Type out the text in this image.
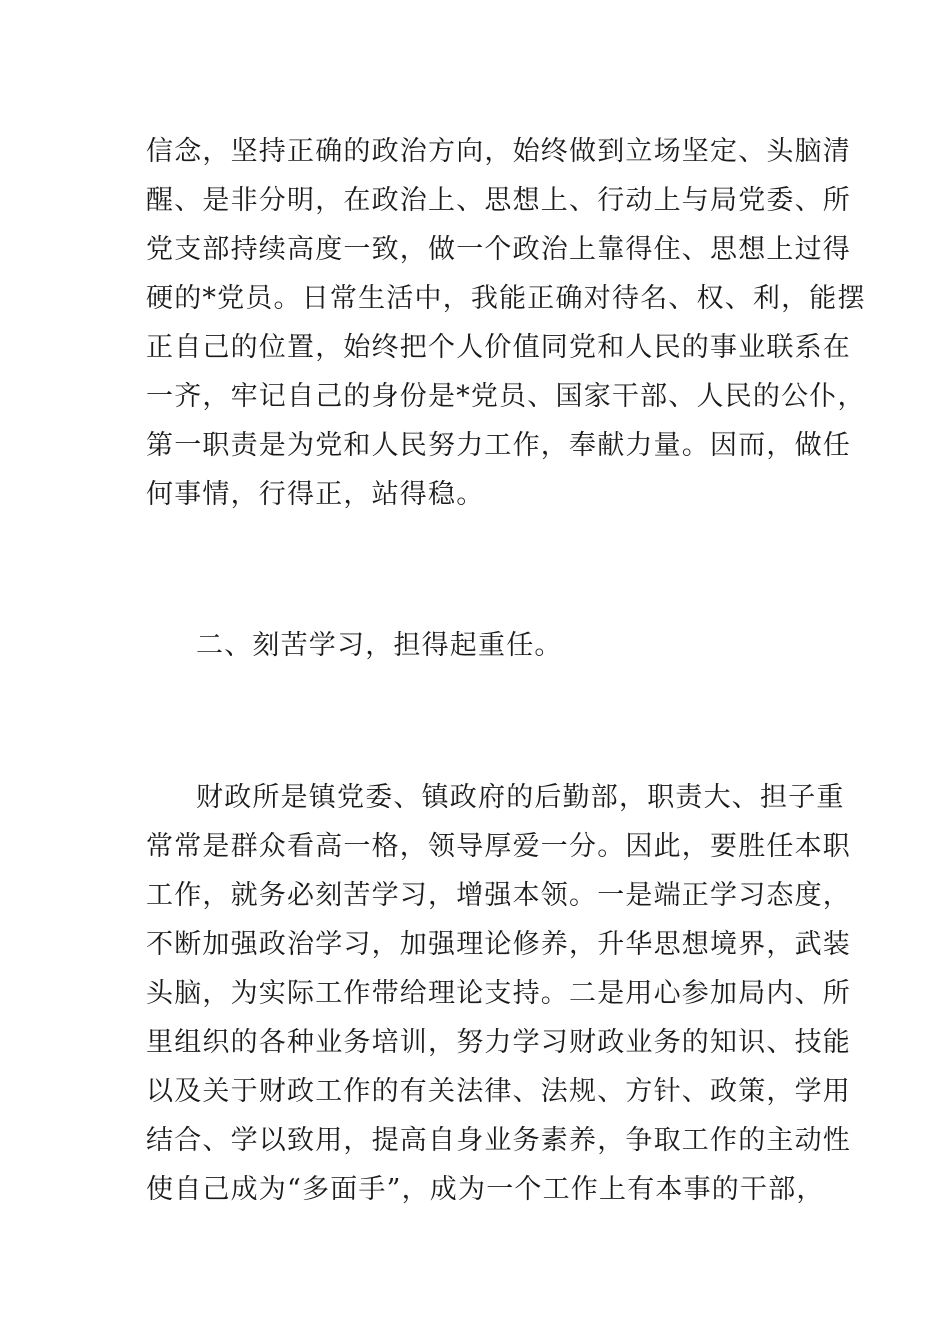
信念，坚持正确的政治方向，始终做到立场坚定、头脑清
醒、是非分明，在政治上、思想上、行动上与局党委、所
党支部持续高度一致，做一个政治上靠得住、思想上过得
硬的*党员。日常生活中，我能正确对待名、权、利，能摆
正自己的位置，始终把个人价值同党和人民的事业联系在
一齐，牢记自己的身份是*党员、国家干部、人民的公仆，
第一职责是为党和人民努力工作，奉献力量。因而，做任
何事情，行得正，站得稳。
二、刻苦学习，担得起重任。
财政所是镇党委、镇政府的后勤部，职责大、担子重
常常是群众看高一格，领导厚爱一分。因此，要胜任本职
工作，就务必刻苦学习，增强本领。一是端正学习态度，
不断加强政治学习，加强理论修养，升华思想境界，武装
头脑，为实际工作带给理论支持。二是用心参加局内、所
里组织的各种业务培训，努力学习财政业务的知识、技能
以及关于财政工作的有关法律、法规、方针、政策，学用
结合、学以致用，提高自身业务素养，争取工作的主动性
使自己成为“多面手”，成为一个工作上有本事的干部，
